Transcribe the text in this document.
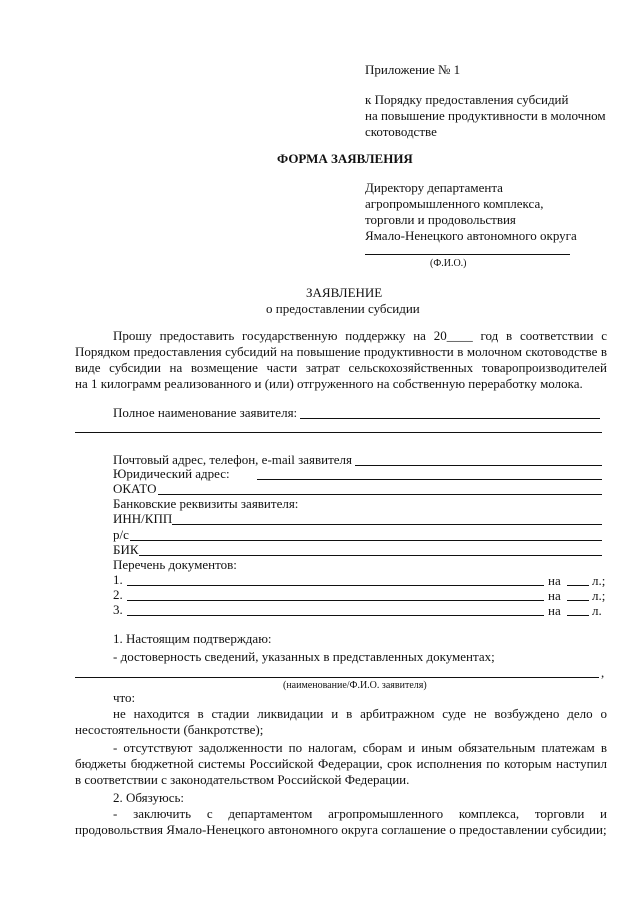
Приложение № 1
к Порядку предоставления субсидий
на повышение продуктивности в молочном
скотоводстве
ФОРМА ЗАЯВЛЕНИЯ
Директору департамента
агропромышленного комплекса,
торговли и продовольствия
Ямало-Ненецкого автономного округа
(Ф.И.О.)
ЗАЯВЛЕНИЕ
о предоставлении субсидии
Прошу предоставить государственную поддержку на 20____ год в соответствии с
Порядком предоставления субсидий на повышение продуктивности в молочном скотоводстве в
виде субсидии на возмещение части затрат сельскохозяйственных товаропроизводителей
на 1 килограмм реализованного и (или) отгруженного на собственную переработку молока.
Полное наименование заявителя:
Почтовый адрес, телефон, e-mail заявителя
Юридический адрес:
ОКАТО
Банковские реквизиты заявителя:
ИНН/КПП
р/с
БИК
Перечень документов:
1.	на л.;
2.	на л.;
3.	на л.
1. Настоящим подтверждаю:
- достоверность сведений, указанных в представленных документах;
,
(наименование/Ф.И.О. заявителя)
что:
не находится в стадии ликвидации и в арбитражном суде не возбуждено дело о
несостоятельности (банкротстве);
- отсутствуют задолженности по налогам, сборам и иным обязательным платежам в
бюджеты бюджетной системы Российской Федерации, срок исполнения по которым наступил
в соответствии с законодательством Российской Федерации.
2. Обязуюсь:
- заключить с департаментом агропромышленного комплекса, торговли и
продовольствия Ямало-Ненецкого автономного округа соглашение о предоставлении субсидии;
